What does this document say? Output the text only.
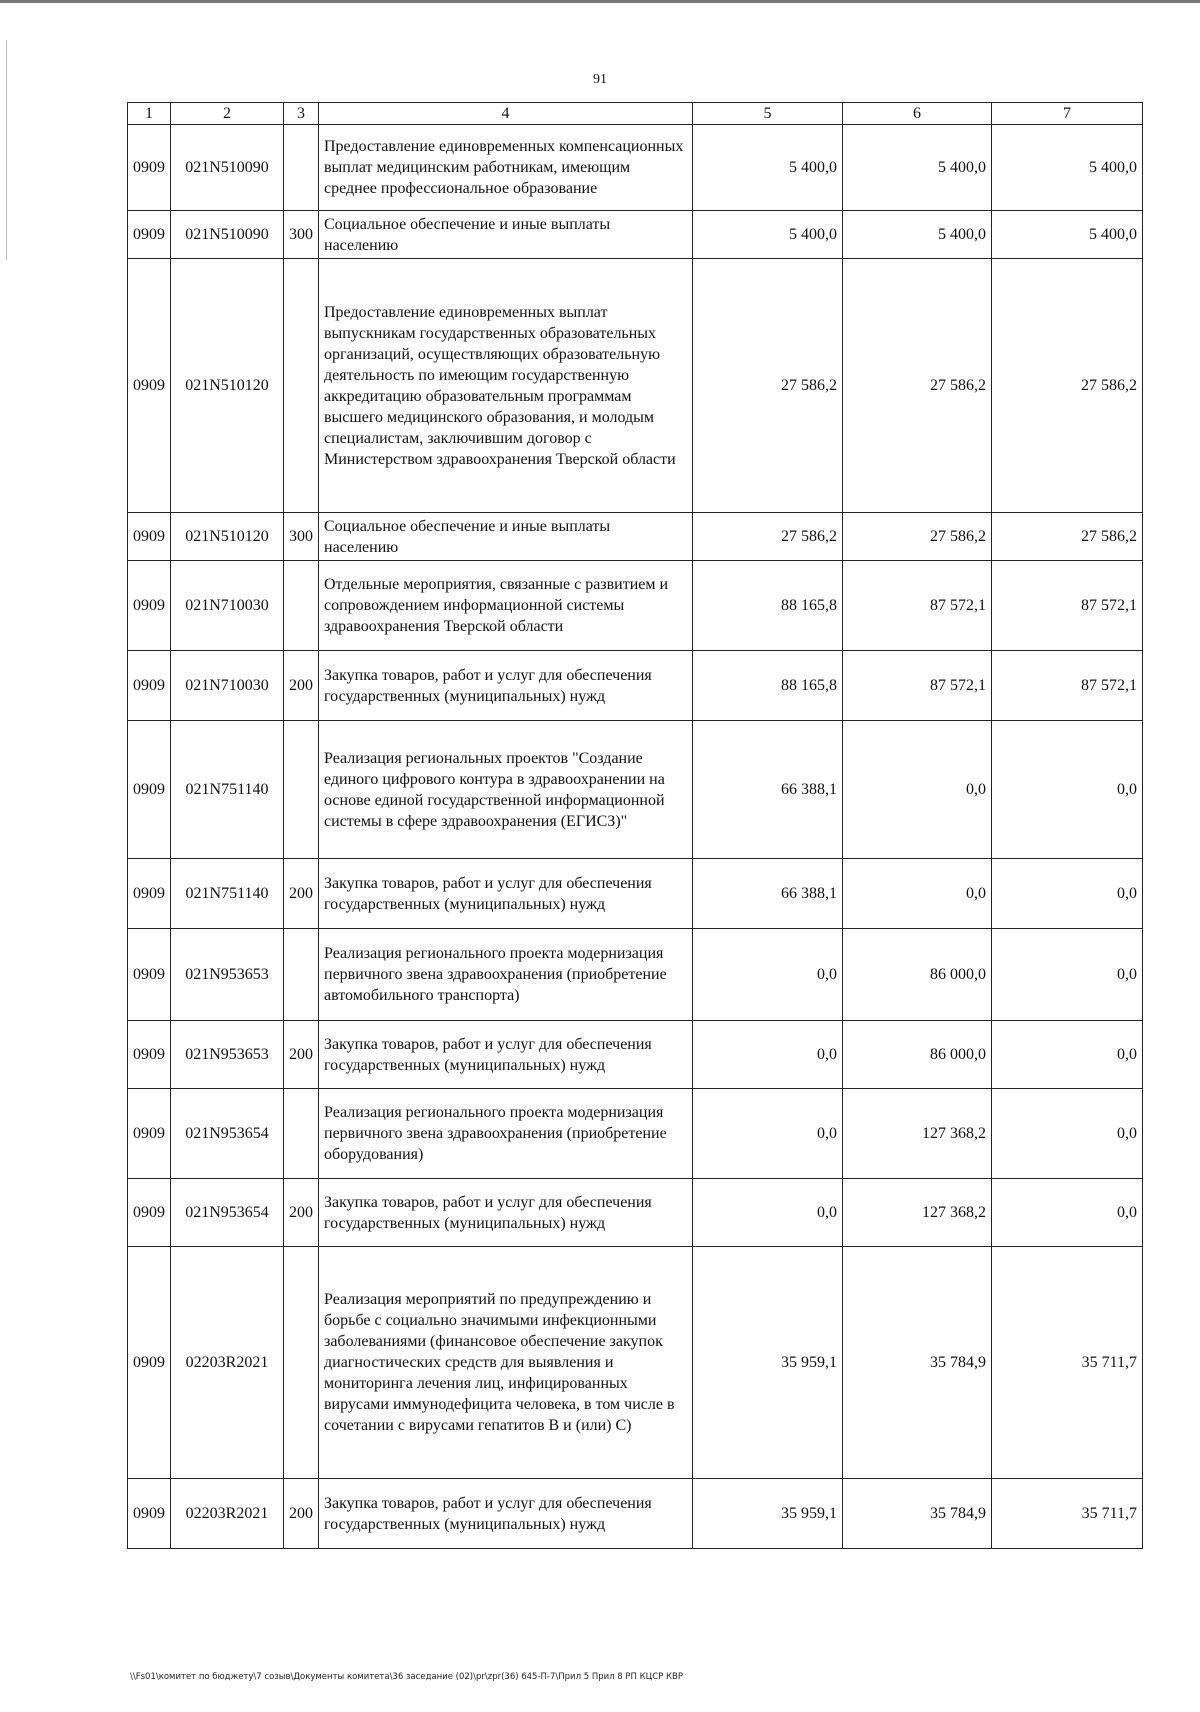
91
1	2	3	4	5	6	7
0909	021N510090		Предоставление единовременных компенсационных выплат медицинским работникам, имеющим среднее профессиональное образование	5 400,0	5 400,0	5 400,0
0909	021N510090	300	Социальное обеспечение и иные выплаты населению	5 400,0	5 400,0	5 400,0
0909	021N510120		Предоставление единовременных выплат выпускникам государственных образовательных организаций, осуществляющих образовательную деятельность по имеющим государственную аккредитацию образовательным программам высшего медицинского образования, и молодым специалистам, заключившим договор с Министерством здравоохранения Тверской области	27 586,2	27 586,2	27 586,2
0909	021N510120	300	Социальное обеспечение и иные выплаты населению	27 586,2	27 586,2	27 586,2
0909	021N710030		Отдельные мероприятия, связанные с развитием и сопровождением информационной системы здравоохранения Тверской области	88 165,8	87 572,1	87 572,1
0909	021N710030	200	Закупка товаров, работ и услуг для обеспечения государственных (муниципальных) нужд	88 165,8	87 572,1	87 572,1
0909	021N751140		Реализация региональных проектов "Создание единого цифрового контура в здравоохранении на основе единой государственной информационной системы в сфере здравоохранения (ЕГИСЗ)"	66 388,1	0,0	0,0
0909	021N751140	200	Закупка товаров, работ и услуг для обеспечения государственных (муниципальных) нужд	66 388,1	0,0	0,0
0909	021N953653		Реализация регионального проекта модернизация первичного звена здравоохранения (приобретение автомобильного транспорта)	0,0	86 000,0	0,0
0909	021N953653	200	Закупка товаров, работ и услуг для обеспечения государственных (муниципальных) нужд	0,0	86 000,0	0,0
0909	021N953654		Реализация регионального проекта модернизация первичного звена здравоохранения (приобретение оборудования)	0,0	127 368,2	0,0
0909	021N953654	200	Закупка товаров, работ и услуг для обеспечения государственных (муниципальных) нужд	0,0	127 368,2	0,0
0909	02203R2021		Реализация мероприятий по предупреждению и борьбе с социально значимыми инфекционными заболеваниями (финансовое обеспечение закупок диагностических средств для выявления и мониторинга лечения лиц, инфицированных вирусами иммунодефицита человека, в том числе в сочетании с вирусами гепатитов В и (или) С)	35 959,1	35 784,9	35 711,7
0909	02203R2021	200	Закупка товаров, работ и услуг для обеспечения государственных (муниципальных) нужд	35 959,1	35 784,9	35 711,7
\\Fs01\комитет по бюджету\7 созыв\Документы комитета\36 заседание (02)\pr\zpr(36) 645-П-7\Прил 5 Прил 8 РП КЦСР КВР
